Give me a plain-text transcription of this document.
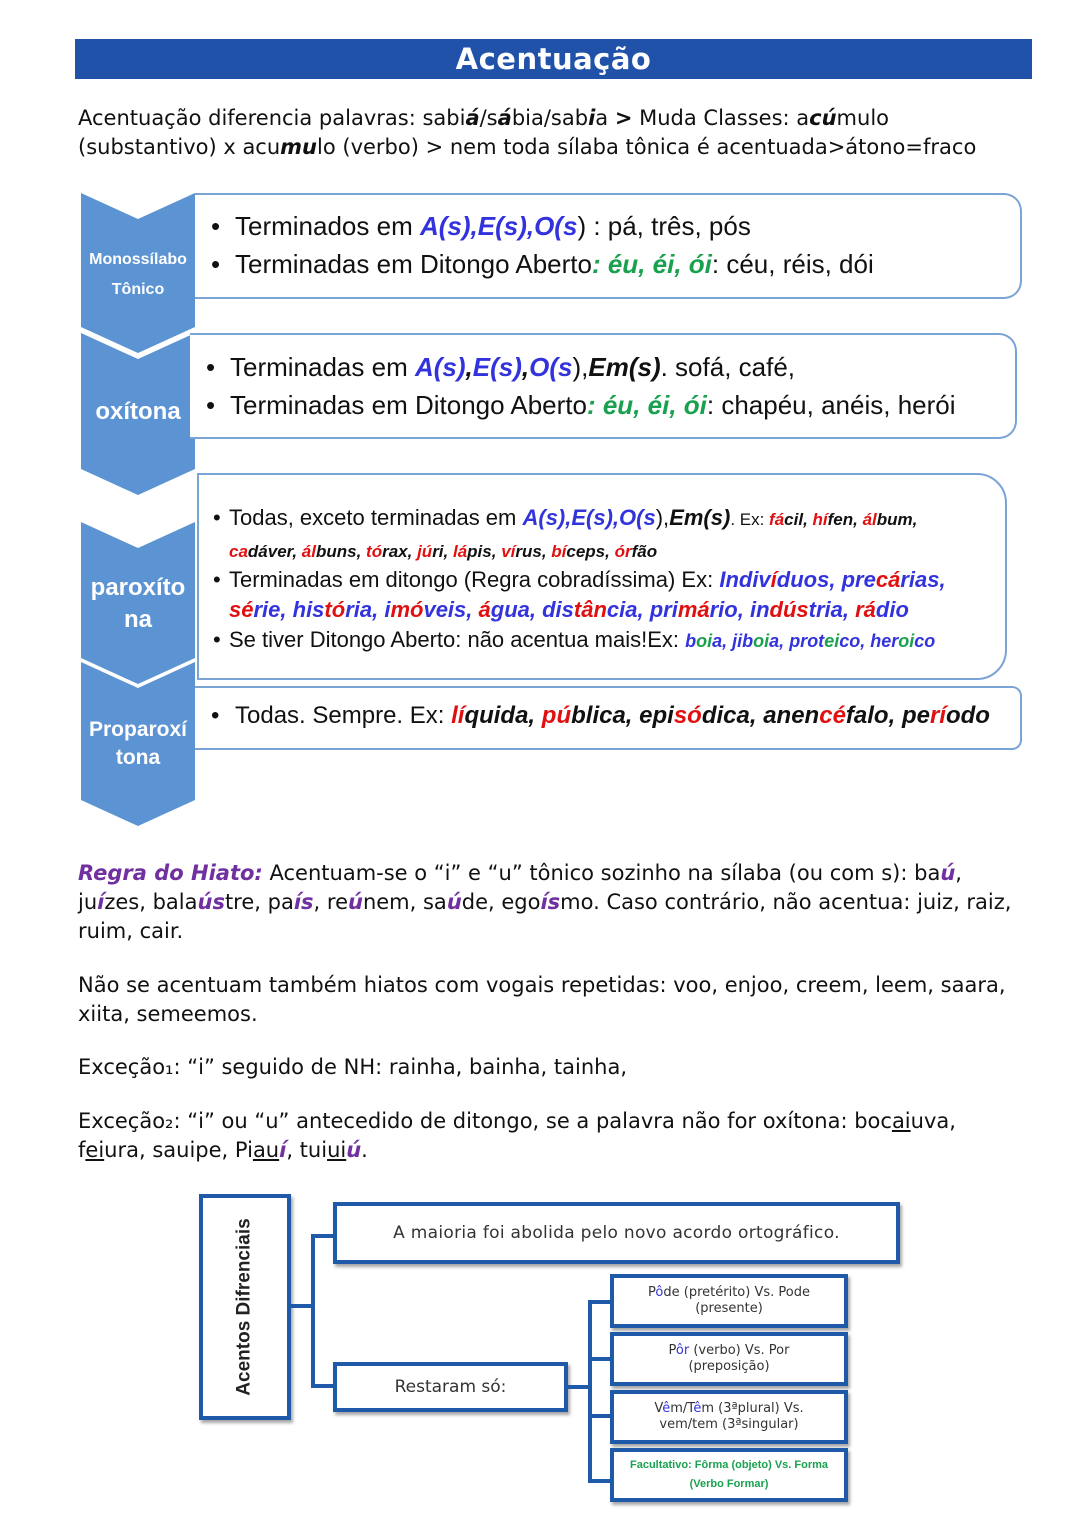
Acentuação
Acentuação diferencia palavras: sabiá/sábia/sabia > Muda Classes: acúmulo
(substantivo) x acumulo (verbo) > nem toda sílaba tônica é acentuada>átono=fraco
Monossílabo
Tônico
oxítona
paroxíto
na
Proparoxí
tona
• Terminados em A(s),E(s),O(s) : pá, três, pós
• Terminadas em Ditongo Aberto: éu, éi, ói: céu, réis, dói
• Terminadas em A(s),E(s),O(s),Em(s). sofá, café,
• Terminadas em Ditongo Aberto: éu, éi, ói: chapéu, anéis, herói
• Todas, exceto terminadas em A(s),E(s),O(s),Em(s). Ex: fácil, hífen, álbum,
cadáver, álbuns, tórax, júri, lápis, vírus, bíceps, órfão
• Terminadas em ditongo (Regra cobradíssima) Ex: Indivíduos, precárias,
série, história, imóveis, água, distância, primário, indústria, rádio
• Se tiver Ditongo Aberto: não acentua mais!Ex: boia, jiboia, proteico, heroico
• Todas. Sempre. Ex: líquida, pública, episódica, anencéfalo, período
Regra do Hiato: Acentuam-se o “i” e “u” tônico sozinho na sílaba (ou com s): baú, juízes, balaústre, país, reúnem, saúde, egoísmo. Caso contrário, não acentua: juiz, raiz, ruim, cair.
Não se acentuam também hiatos com vogais repetidas: voo, enjoo, creem, leem, saara, xiita, semeemos.
Exceção₁: “i” seguido de NH: rainha, bainha, tainha,
Exceção₂: “i” ou “u” antecedido de ditongo, se a palavra não for oxítona: bocaiuva, feiura, sauipe, Piauí, tuiuiú.
Acentos Difrenciais	A maioria foi abolida pelo novo acordo ortográfico.
Restaram só:
Pôde (pretérito) Vs. Pode (presente)
Pôr (verbo) Vs. Por (preposição)
Vêm/Têm (3ªplural) Vs. vem/tem (3ªsingular)
Facultativo: Fôrma (objeto) Vs. Forma (Verbo Formar)
